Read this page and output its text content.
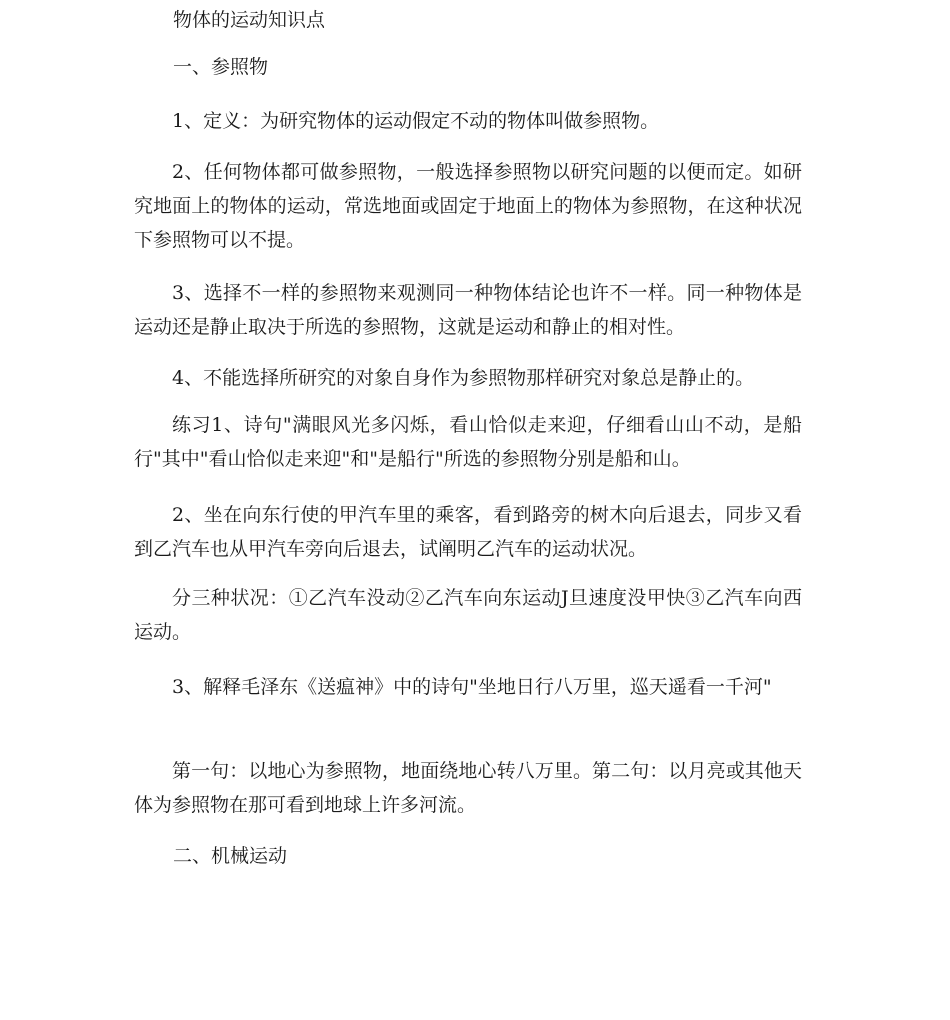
物体的运动知识点
一、参照物

1、定义：为研究物体的运动假定不动的物体叫做参照物。

2、任何物体都可做参照物，一般选择参照物以研究问题的以便而定。如研究地面上的物体的运动，常选地面或固定于地面上的物体为参照物，在这种状况下参照物可以不提。

3、选择不一样的参照物来观测同一种物体结论也许不一样。同一种物体是运动还是静止取决于所选的参照物，这就是运动和静止的相对性。

4、不能选择所研究的对象自身作为参照物那样研究对象总是静止的。

练习1、诗句"满眼风光多闪烁，看山恰似走来迎，仔细看山山不动，是船行"其中"看山恰似走来迎"和"是船行"所选的参照物分别是船和山。

2、坐在向东行使的甲汽车里的乘客，看到路旁的树木向后退去，同步又看到乙汽车也从甲汽车旁向后退去，试阐明乙汽车的运动状况。

分三种状况：①乙汽车没动②乙汽车向东运动J旦速度没甲快③乙汽车向西运动。

3、解释毛泽东《送瘟神》中的诗句"坐地日行八万里，巡天遥看一千河"

第一句：以地心为参照物，地面绕地心转八万里。第二句：以月亮或其他天体为参照物在那可看到地球上许多河流。

二、机械运动
